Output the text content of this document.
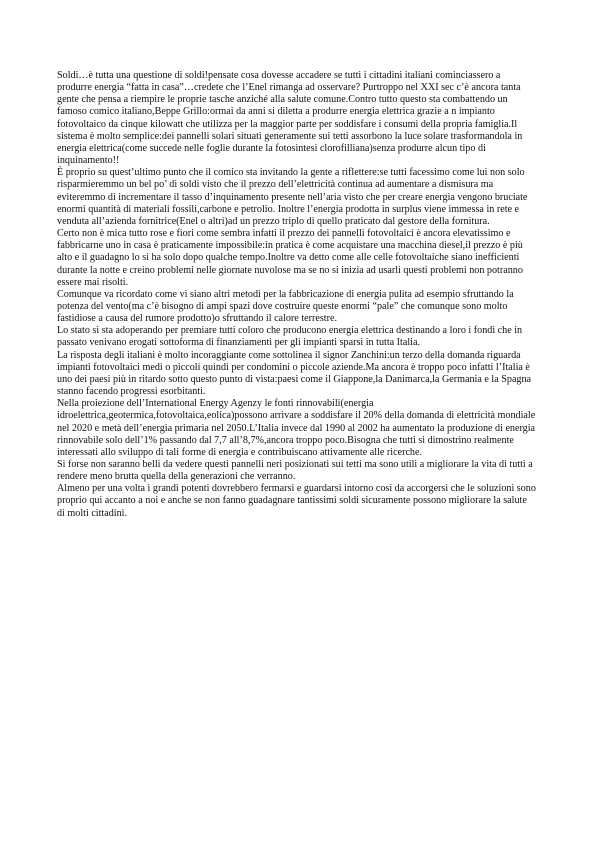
Soldi…è tutta una questione di soldi!pensate cosa dovesse accadere se tutti i cittadini italiani cominciassero a produrre energia “fatta in casa”…credete che l’Enel rimanga ad osservare? Purtroppo nel XXI sec c’è ancora tanta gente che pensa a riempire le proprie tasche anziché alla salute comune.Contro tutto questo sta combattendo un famoso comico italiano,Beppe Grillo:ormai da anni si diletta a produrre energia elettrica grazie a n impianto fotovoltaico da cinque kilowatt che utilizza per la maggior parte per soddisfare i consumi della propria famiglia.Il sistema è molto semplice:dei pannelli solari situati generamente sui tetti assorbono la luce solare trasformandola in energia elettrica(come succede nelle foglie durante la fotosintesi clorofilliana)senza produrre alcun tipo di inquinamento!!

È proprio su quest’ultimo punto che il comico sta invitando la gente a riflettere:se tutti facessimo come lui non solo risparmieremmo un bel po’ di soldi visto che il prezzo dell’elettricità continua ad aumentare a dismisura ma eviteremmo di incrementare il tasso d’inquinamento presente nell’aria visto che per creare energia vengono bruciate enormi quantità di materiali fossili,carbone e petrolio. Inoltre l’energia prodotta in surplus viene immessa in rete e venduta all’azienda fornitrice(Enel o altri)ad un prezzo triplo di quello praticato dal gestore della fornitura.

Certo non è mica tutto rose e fiori come sembra infatti il prezzo dei pannelli fotovoltaici è ancora elevatissimo e fabbricarne uno in casa è praticamente impossibile:in pratica è come acquistare una macchina diesel,il prezzo è più alto e il guadagno lo si ha solo dopo qualche tempo.Inoltre va detto come alle celle fotovoltaiche siano inefficienti durante la notte e creino problemi nelle giornate nuvolose ma se no si inizia ad usarli questi problemi non potranno essere mai risolti.

Comunque va ricordato come vi siano altri metodi per la fabbricazione di energia pulita ad esempio sfruttando la potenza del vento(ma c’è bisogno di ampi spazi dove costruire queste enormi “pale” che comunque sono molto fastidiose a causa del rumore prodotto)o sfruttando il calore terrestre.

Lo stato si sta adoperando per premiare tutti coloro che producono energia elettrica destinando a loro i fondi che in passato venivano erogati sottoforma di finanziamenti per gli impianti sparsi in tutta Italia.

La risposta degli italiani è molto incoraggiante come sottolinea il signor Zanchini:un terzo della domanda riguarda impianti fotovoltaici medi o piccoli quindi per condomini o piccole aziende.Ma ancora è troppo poco infatti l’Italia è uno dei paesi più in ritardo sotto questo punto di vista:paesi come il Giappone,la Danimarca,la Germania e la Spagna stanno facendo progressi esorbitanti.

Nella proiezione dell’International Energy Agenzy le fonti rinnovabili(energia idroelettrica,geotermica,fotovoltaica,eolica)possono arrivare a soddisfare il 20% della domanda di elettricità mondiale nel 2020 e metà dell’energia primaria nel 2050.L’Italia invece dal 1990 al 2002 ha aumentato la produzione di energia rinnovabile solo dell’1% passando dal 7,7 all’8,7%,ancora troppo poco.Bisogna che tutti si dimostrino realmente interessati allo sviluppo di tali forme di energia e contribuiscano attivamente alle ricerche.

Si forse non saranno belli da vedere questi pannelli neri posizionati sui tetti ma sono utili a migliorare la vita di tutti a rendere meno brutta quella della generazioni che verranno.

Almeno per una volta i grandi potenti dovrebbero fermarsi e guardarsi intorno così da accorgersi che le soluzioni sono proprio qui accanto a noi e anche se non fanno guadagnare tantissimi soldi sicuramente possono migliorare la salute di molti cittadini.
